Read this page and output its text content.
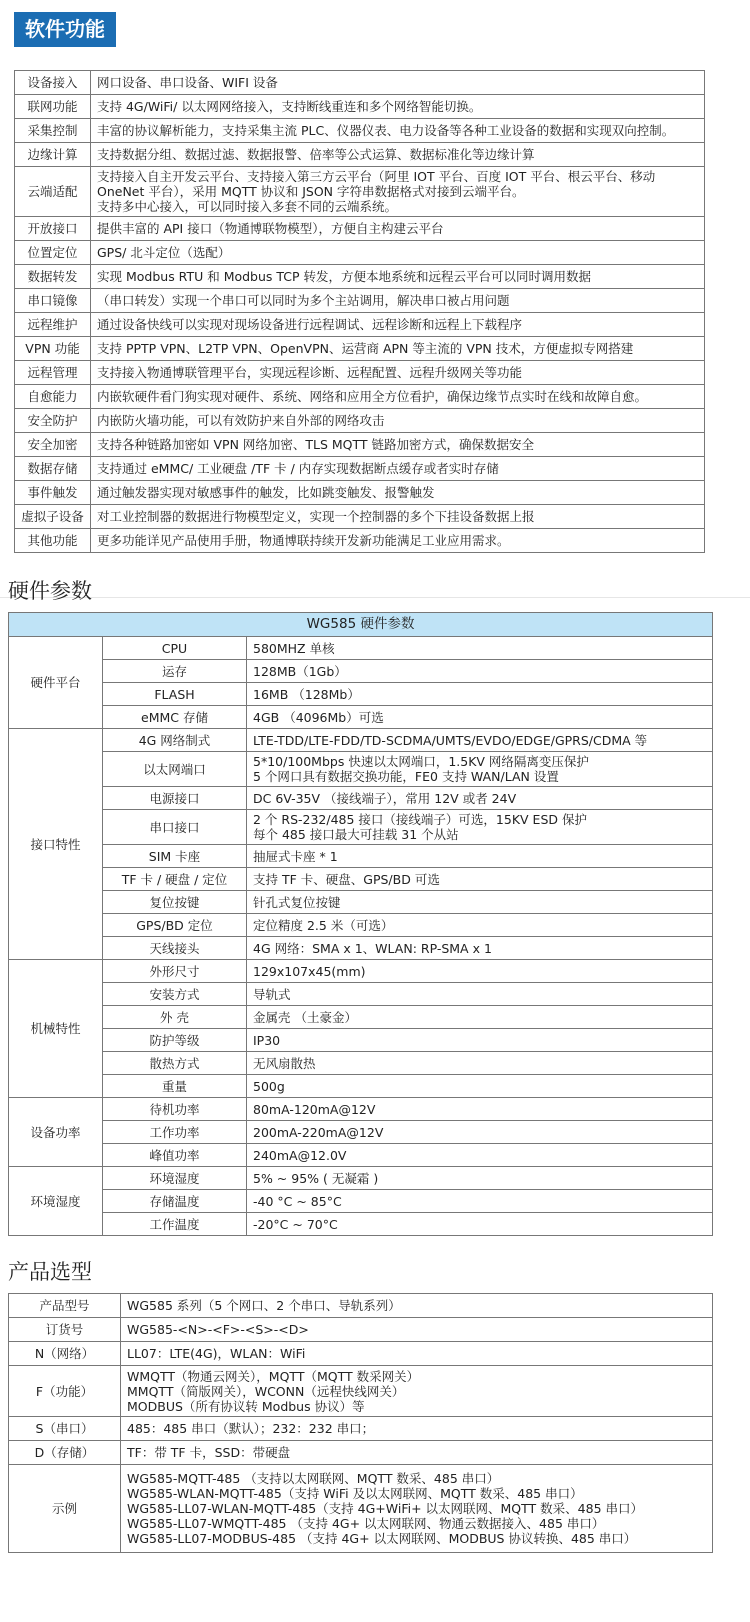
软件功能
设备接入	网口设备、串口设备、WIFI 设备
联网功能	支持 4G/WiFi/ 以太网网络接入，支持断线重连和多个网络智能切换。
采集控制	丰富的协议解析能力，支持采集主流 PLC、仪器仪表、电力设备等各种工业设备的数据和实现双向控制。
边缘计算	支持数据分组、数据过滤、数据报警、倍率等公式运算、数据标准化等边缘计算
云端适配	支持接入自主开发云平台、支持接入第三方云平台（阿里 IOT 平台、百度 IOT 平台、根云平台、移动 OneNet 平台），采用 MQTT 协议和 JSON 字符串数据格式对接到云端平台。
支持多中心接入，可以同时接入多套不同的云端系统。
开放接口	提供丰富的 API 接口（物通博联物模型），方便自主构建云平台
位置定位	GPS/ 北斗定位（选配）
数据转发	实现 Modbus RTU 和 Modbus TCP 转发，方便本地系统和远程云平台可以同时调用数据
串口镜像	（串口转发）实现一个串口可以同时为多个主站调用，解决串口被占用问题
远程维护	通过设备快线可以实现对现场设备进行远程调试、远程诊断和远程上下载程序
VPN 功能	支持 PPTP VPN、L2TP VPN、OpenVPN、运营商 APN 等主流的 VPN 技术，方便虚拟专网搭建
远程管理	支持接入物通博联管理平台，实现远程诊断、远程配置、远程升级网关等功能
自愈能力	内嵌软硬件看门狗实现对硬件、系统、网络和应用全方位看护，确保边缘节点实时在线和故障自愈。
安全防护	内嵌防火墙功能，可以有效防护来自外部的网络攻击
安全加密	支持各种链路加密如 VPN 网络加密、TLS MQTT 链路加密方式，确保数据安全
数据存储	支持通过 eMMC/ 工业硬盘 /TF 卡 / 内存实现数据断点缓存或者实时存储
事件触发	通过触发器实现对敏感事件的触发，比如跳变触发、报警触发
虚拟子设备	对工业控制器的数据进行物模型定义，实现一个控制器的多个下挂设备数据上报
其他功能	更多功能详见产品使用手册，物通博联持续开发新功能满足工业应用需求。
硬件参数
WG585 硬件参数		
硬件平台	CPU	580MHZ 单核
	运存	128MB（1Gb）
	FLASH	16MB （128Mb）
	eMMC 存储	4GB （4096Mb）可选
接口特性	4G 网络制式	LTE-TDD/LTE-FDD/TD-SCDMA/UMTS/EVDO/EDGE/GPRS/CDMA 等
	以太网端口	5*10/100Mbps 快速以太网端口，1.5KV 网络隔离变压保护
5 个网口具有数据交换功能，FE0 支持 WAN/LAN 设置
	电源接口	DC 6V-35V （接线端子），常用 12V 或者 24V
	串口接口	2 个 RS-232/485 接口（接线端子）可选，15KV ESD 保护
每个 485 接口最大可挂载 31 个从站
	SIM 卡座	抽屉式卡座 * 1
	TF 卡 / 硬盘 / 定位	支持 TF 卡、硬盘、GPS/BD 可选
	复位按键	针孔式复位按键
	GPS/BD 定位	定位精度 2.5 米（可选）
	天线接头	4G 网络：SMA x 1、WLAN: RP-SMA x 1
机械特性	外形尺寸	129x107x45(mm)
	安装方式	导轨式
	外 壳	金属壳 （土豪金）
	防护等级	IP30
	散热方式	无风扇散热
	重量	500g
设备功率	待机功率	80mA-120mA@12V
	工作功率	200mA-220mA@12V
	峰值功率	240mA@12.0V
环境湿度	环境湿度	5% ~ 95% ( 无凝霜 )
	存储温度	-40 °C ~ 85°C
	工作温度	-20°C ~ 70°C
产品选型
产品型号	WG585 系列（5 个网口、2 个串口、导轨系列）
订货号	WG585-<N>-<F>-<S>-<D>
N（网络）	LL07：LTE(4G)，WLAN：WiFi
F（功能）	WMQTT（物通云网关），MQTT（MQTT 数采网关）
MMQTT（简版网关），WCONN（远程快线网关）
MODBUS（所有协议转 Modbus 协议）等
S（串口）	485：485 串口（默认）；232：232 串口；
D（存储）	TF：带 TF 卡，SSD：带硬盘
示例	WG585-MQTT-485 （支持以太网联网、MQTT 数采、485 串口）
WG585-WLAN-MQTT-485（支持 WiFi 及以太网联网、MQTT 数采、485 串口）
WG585-LL07-WLAN-MQTT-485（支持 4G+WiFi+ 以太网联网、MQTT 数采、485 串口）
WG585-LL07-WMQTT-485 （支持 4G+ 以太网联网、物通云数据接入、485 串口）
WG585-LL07-MODBUS-485 （支持 4G+ 以太网联网、MODBUS 协议转换、485 串口）
